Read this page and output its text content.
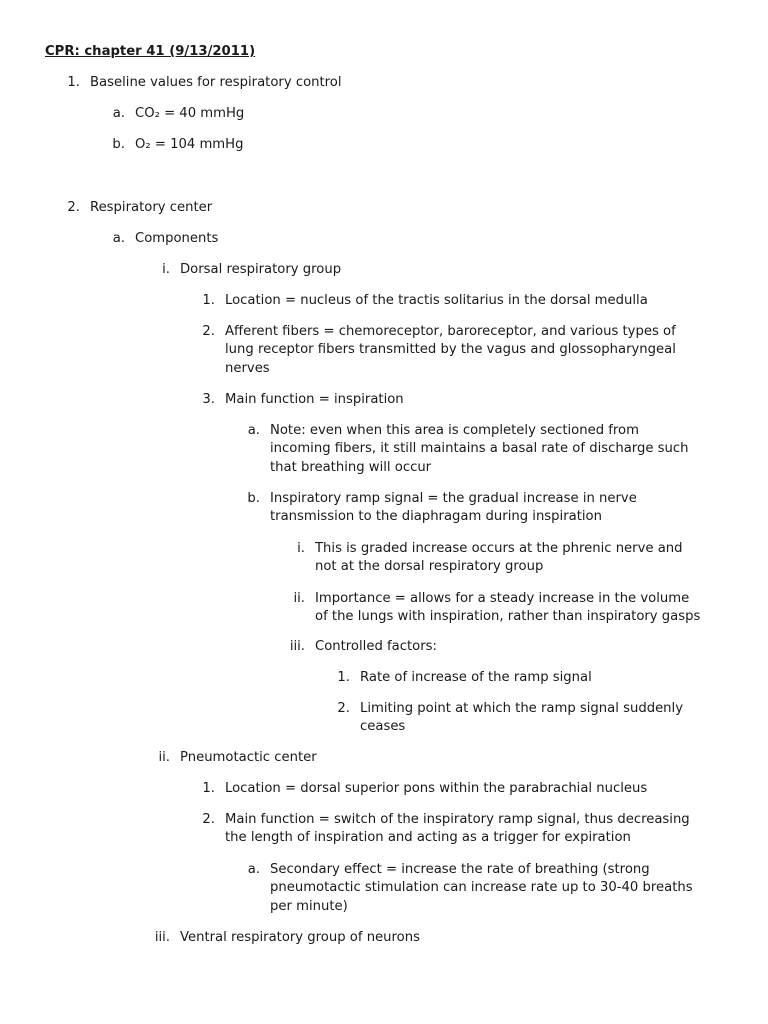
CPR: chapter 41 (9/13/2011)
1. Baseline values for respiratory control
a. CO₂ = 40 mmHg
b. O₂ = 104 mmHg
2. Respiratory center
a. Components
i. Dorsal respiratory group
1. Location = nucleus of the tractis solitarius in the dorsal medulla
2. Afferent fibers = chemoreceptor, baroreceptor, and various types of
lung receptor fibers transmitted by the vagus and glossopharyngeal
nerves
3. Main function = inspiration
a. Note: even when this area is completely sectioned from
incoming fibers, it still maintains a basal rate of discharge such
that breathing will occur
b. Inspiratory ramp signal = the gradual increase in nerve
transmission to the diaphragam during inspiration
i. This is graded increase occurs at the phrenic nerve and
not at the dorsal respiratory group
ii. Importance = allows for a steady increase in the volume
of the lungs with inspiration, rather than inspiratory gasps
iii. Controlled factors:
1. Rate of increase of the ramp signal
2. Limiting point at which the ramp signal suddenly
ceases
ii. Pneumotactic center
1. Location = dorsal superior pons within the parabrachial nucleus
2. Main function = switch of the inspiratory ramp signal, thus decreasing
the length of inspiration and acting as a trigger for expiration
a. Secondary effect = increase the rate of breathing (strong
pneumotactic stimulation can increase rate up to 30-40 breaths
per minute)
iii. Ventral respiratory group of neurons
